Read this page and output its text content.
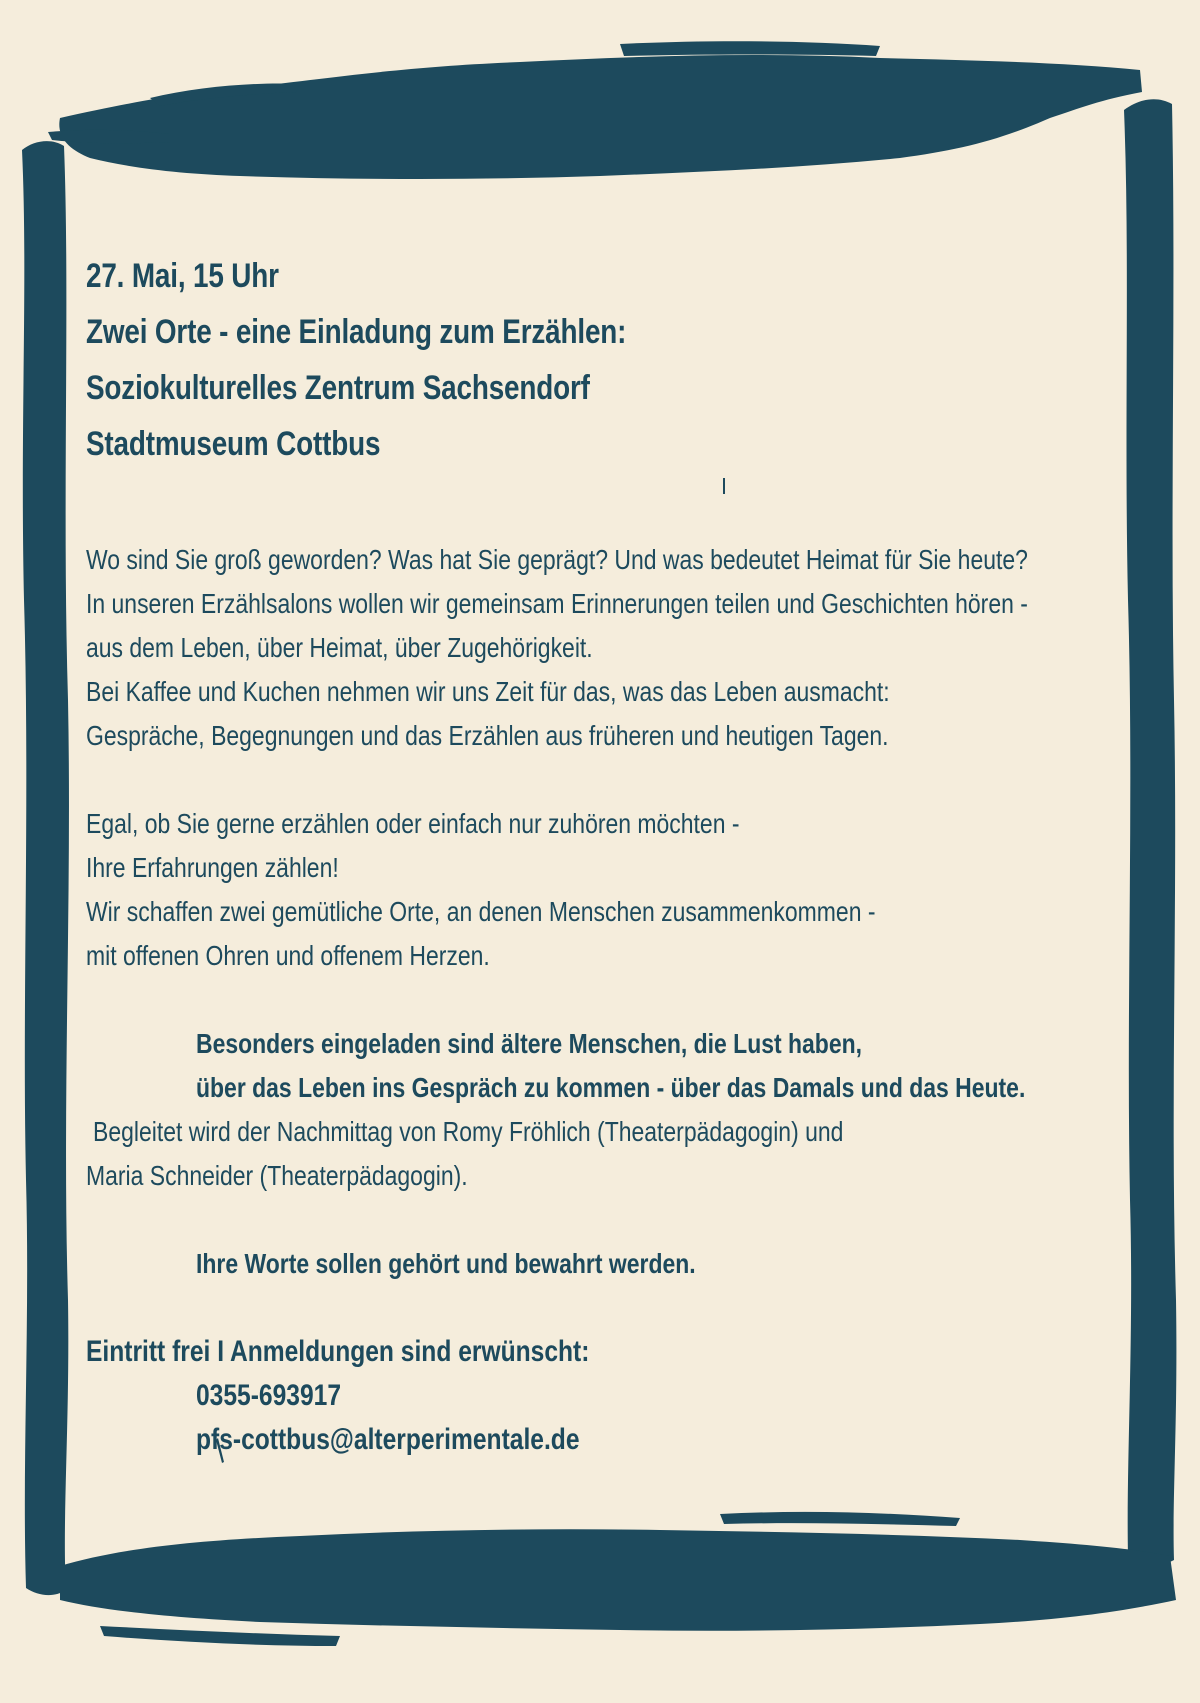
27. Mai, 15 Uhr
Zwei Orte - eine Einladung zum Erzählen:
Soziokulturelles Zentrum Sachsendorf
Stadtmuseum Cottbus
Wo sind Sie groß geworden? Was hat Sie geprägt? Und was bedeutet Heimat für Sie heute?
In unseren Erzählsalons wollen wir gemeinsam Erinnerungen teilen und Geschichten hören -
aus dem Leben, über Heimat, über Zugehörigkeit.
Bei Kaffee und Kuchen nehmen wir uns Zeit für das, was das Leben ausmacht:
Gespräche, Begegnungen und das Erzählen aus früheren und heutigen Tagen.
Egal, ob Sie gerne erzählen oder einfach nur zuhören möchten -
Ihre Erfahrungen zählen!
Wir schaffen zwei gemütliche Orte, an denen Menschen zusammenkommen -
mit offenen Ohren und offenem Herzen.
Besonders eingeladen sind ältere Menschen, die Lust haben,
über das Leben ins Gespräch zu kommen - über das Damals und das Heute.
Begleitet wird der Nachmittag von Romy Fröhlich (Theaterpädagogin) und
Maria Schneider (Theaterpädagogin).
Ihre Worte sollen gehört und bewahrt werden.
Eintritt frei I Anmeldungen sind erwünscht:
0355-693917
pfs-cottbus@alterperimentale.de
